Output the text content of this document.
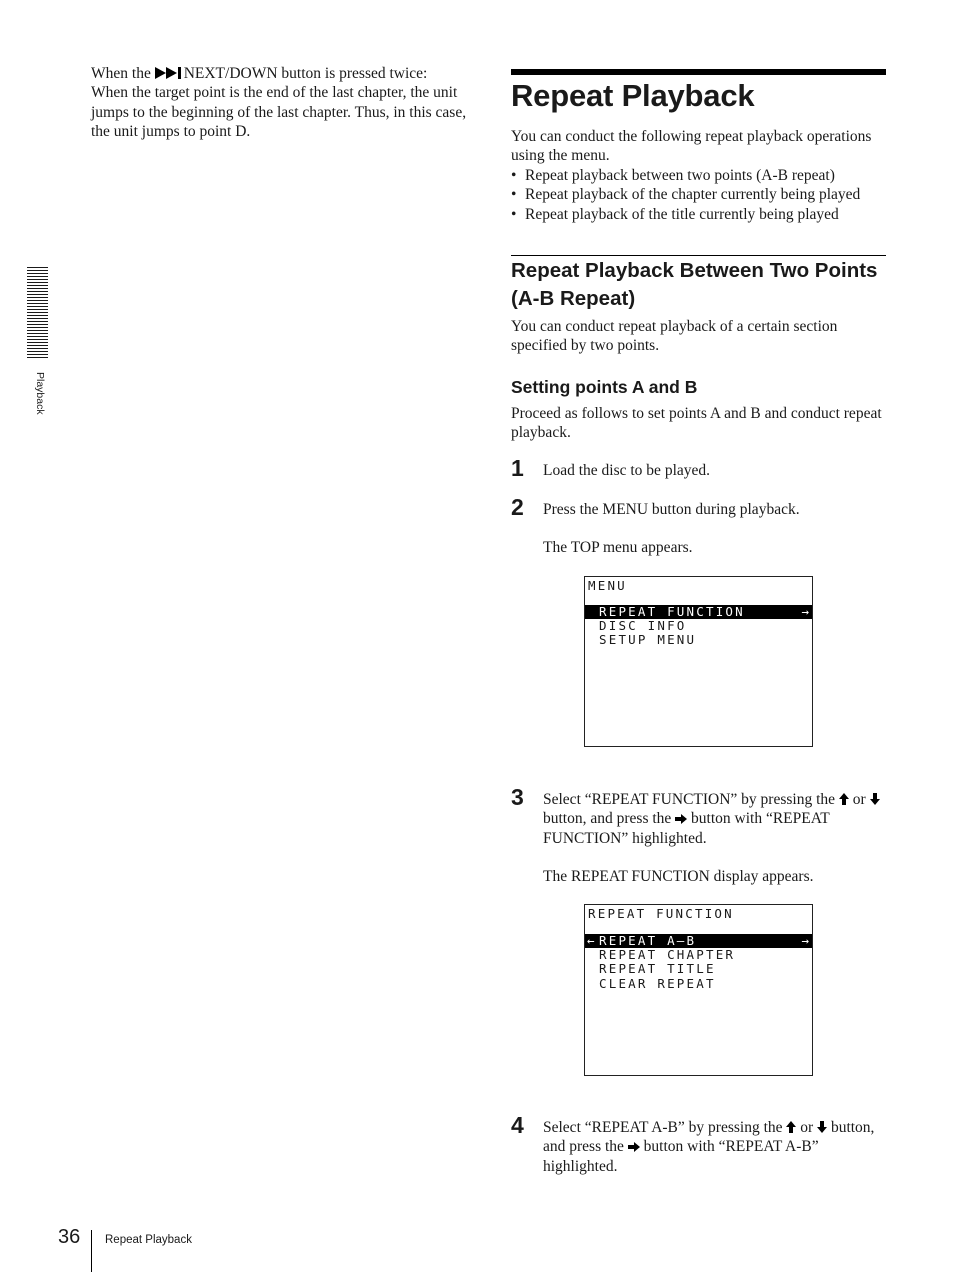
When the NEXT/DOWN button is pressed twice: When the target point is the end of the last chapter, the unit jumps to the beginning of the last chapter. Thus, in this case, the unit jumps to point D.
Playback
Repeat Playback
You can conduct the following repeat playback operations using the menu.
• Repeat playback between two points (A-B repeat)
• Repeat playback of the chapter currently being played
• Repeat playback of the title currently being played
Repeat Playback Between Two Points (A-B Repeat)
You can conduct repeat playback of a certain section specified by two points.
Setting points A and B
Proceed as follows to set points A and B and conduct repeat playback.
1 Load the disc to be played.
2 Press the MENU button during playback.
The TOP menu appears.
MENU
REPEAT FUNCTION	→
DISC INFO
SETUP MENU
3 Select “REPEAT FUNCTION” by pressing the  or  button, and press the  button with “REPEAT FUNCTION” highlighted.
The REPEAT FUNCTION display appears.
REPEAT FUNCTION
← REPEAT A—B	→
REPEAT CHAPTER
REPEAT TITLE
CLEAR REPEAT
4 Select “REPEAT A-B” by pressing the  or  button, and press the  button with “REPEAT A-B” highlighted.
36 Repeat Playback
